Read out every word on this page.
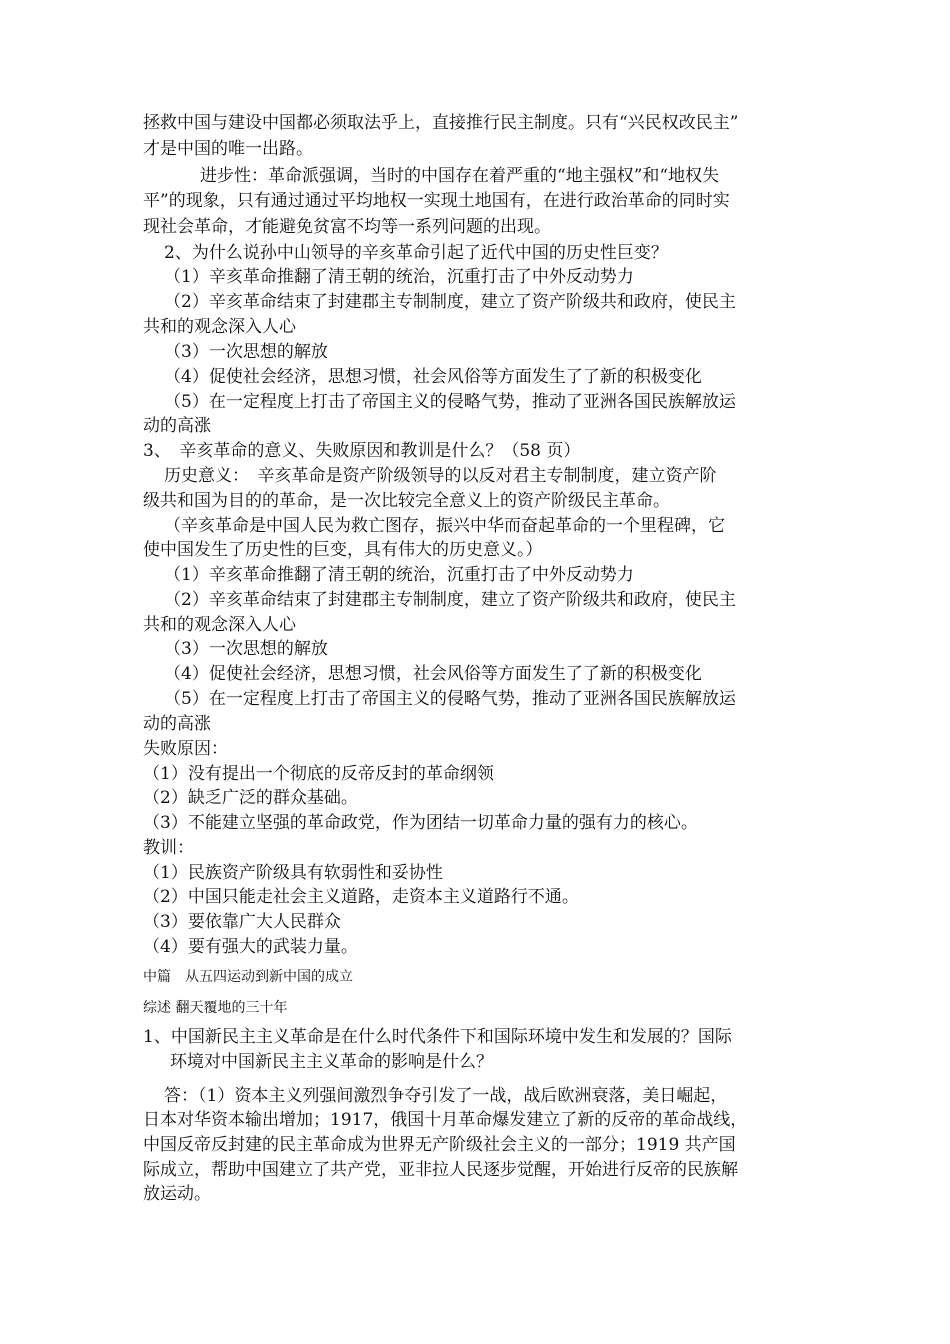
拯救中国与建设中国都必须取法乎上，直接推行民主制度。只有“兴民权改民主”
才是中国的唯一出路。
进步性：革命派强调，当时的中国存在着严重的“地主强权”和“地权失
平”的现象，只有通过通过平均地权一实现土地国有，在进行政治革命的同时实
现社会革命，才能避免贫富不均等一系列问题的出现。
2、为什么说孙中山领导的辛亥革命引起了近代中国的历史性巨变？
（1）辛亥革命推翻了清王朝的统治，沉重打击了中外反动势力
（2）辛亥革命结束了封建郡主专制制度，建立了资产阶级共和政府，使民主
共和的观念深入人心
（3）一次思想的解放
（4）促使社会经济，思想习惯，社会风俗等方面发生了了新的积极变化
（5）在一定程度上打击了帝国主义的侵略气势，推动了亚洲各国民族解放运
动的高涨
3、　辛亥革命的意义、失败原因和教训是什么？（58 页）
历史意义：　辛亥革命是资产阶级领导的以反对君主专制制度，建立资产阶
级共和国为目的的革命，是一次比较完全意义上的资产阶级民主革命。
（辛亥革命是中国人民为救亡图存，振兴中华而奋起革命的一个里程碑，它
使中国发生了历史性的巨变，具有伟大的历史意义。）
（1）辛亥革命推翻了清王朝的统治，沉重打击了中外反动势力
（2）辛亥革命结束了封建郡主专制制度，建立了资产阶级共和政府，使民主
共和的观念深入人心
（3）一次思想的解放
（4）促使社会经济，思想习惯，社会风俗等方面发生了了新的积极变化
（5）在一定程度上打击了帝国主义的侵略气势，推动了亚洲各国民族解放运
动的高涨
失败原因：
（1）没有提出一个彻底的反帝反封的革命纲领
（2）缺乏广泛的群众基础。
（3）不能建立坚强的革命政党，作为团结一切革命力量的强有力的核心。
教训：
（1）民族资产阶级具有软弱性和妥协性
（2）中国只能走社会主义道路，走资本主义道路行不通。
（3）要依靠广大人民群众
（4）要有强大的武装力量。
中篇　从五四运动到新中国的成立
综述 翻天覆地的三十年
1、中国新民主主义革命是在什么时代条件下和国际环境中发生和发展的？国际
环境对中国新民主主义革命的影响是什么？
答：（1）资本主义列强间激烈争夺引发了一战，战后欧洲衰落，美日崛起，
日本对华资本输出增加；1917，俄国十月革命爆发建立了新的反帝的革命战线，
中国反帝反封建的民主革命成为世界无产阶级社会主义的一部分；1919 共产国
际成立，帮助中国建立了共产党，亚非拉人民逐步觉醒，开始进行反帝的民族解
放运动。
